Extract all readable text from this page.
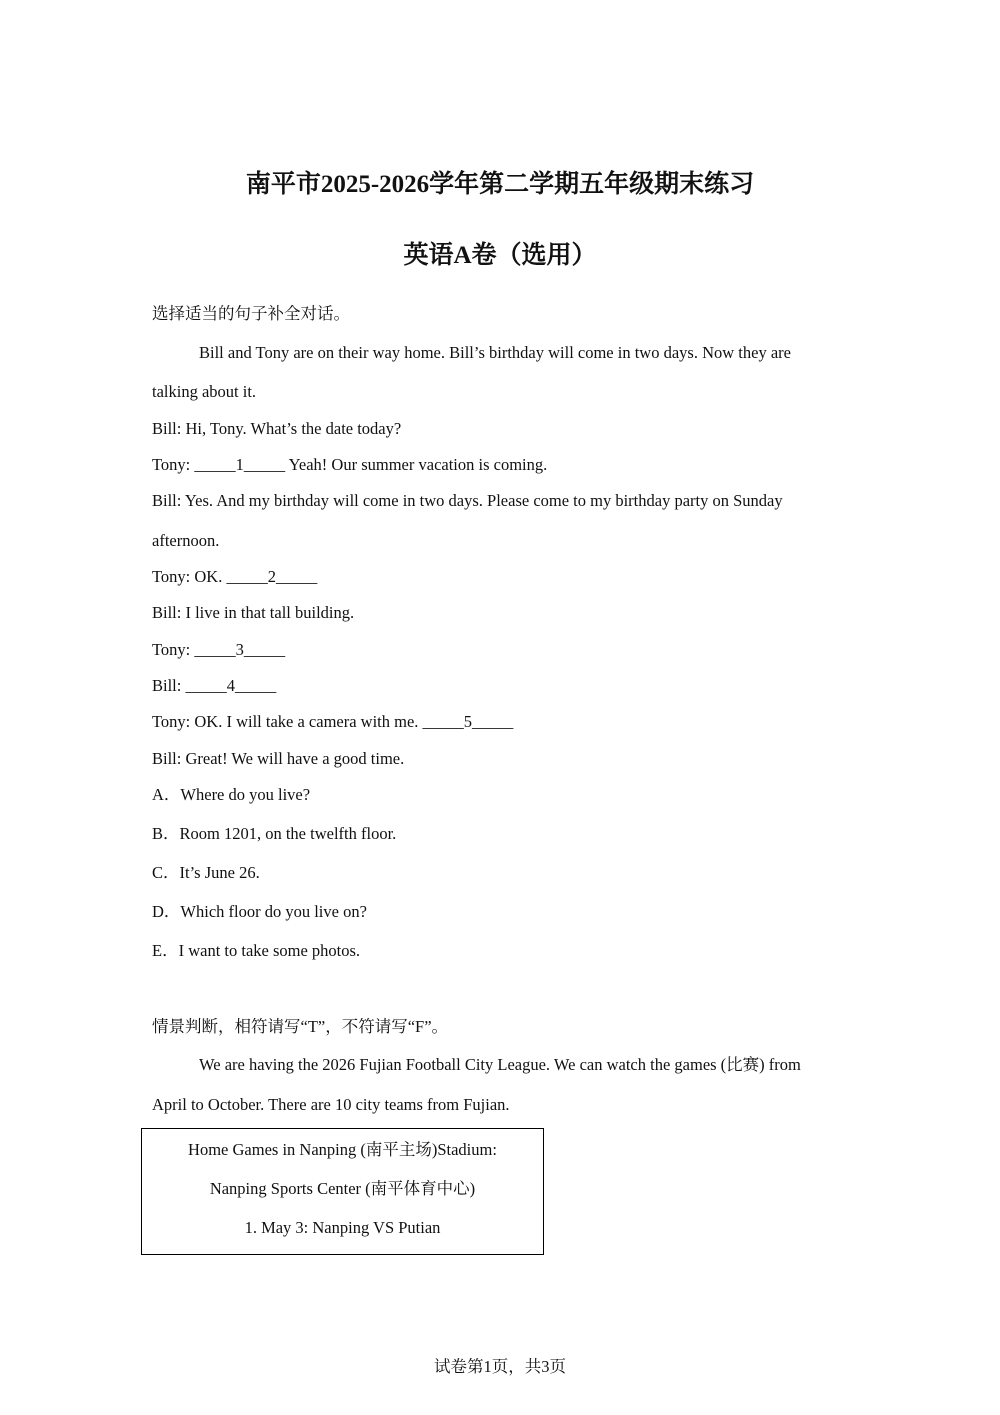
南平市2025-2026学年第二学期五年级期末练习
英语A卷（选用）
选择适当的句子补全对话。
Bill and Tony are on their way home. Bill’s birthday will come in two days. Now they are
talking about it.
Bill: Hi, Tony. What’s the date today?
Tony: _____1_____ Yeah! Our summer vacation is coming.
Bill: Yes. And my birthday will come in two days. Please come to my birthday party on Sunday
afternoon.
Tony: OK. _____2_____
Bill: I live in that tall building.
Tony: _____3_____
Bill: _____4_____
Tony: OK. I will take a camera with me. _____5_____
Bill: Great! We will have a good time.
A．Where do you live?
B．Room 1201, on the twelfth floor.
C．It’s June 26.
D．Which floor do you live on?
E．I want to take some photos.
情景判断，相符请写“T”，不符请写“F”。
We are having the 2026 Fujian Football City League. We can watch the games (比赛) from
April to October. There are 10 city teams from Fujian.
Home Games in Nanping (南平主场)Stadium:
Nanping Sports Center (南平体育中心)
1. May 3: Nanping VS Putian
试卷第1页，共3页
